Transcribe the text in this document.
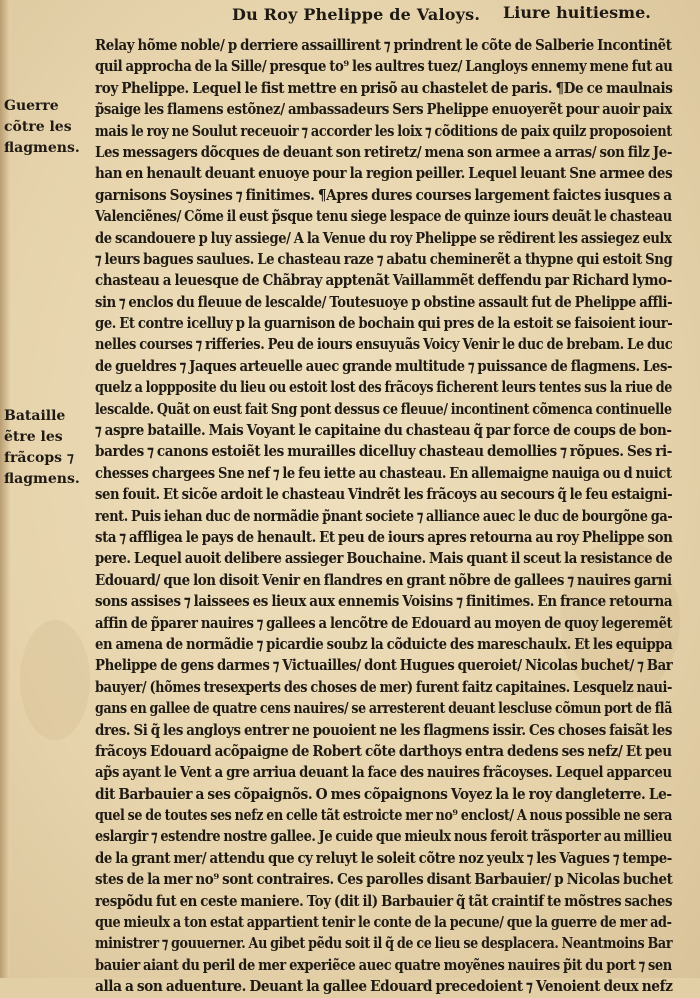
Du Roy Phelippe de Valoys. Liure huitiesme.
Guerre cõtre les flagmens.
Bataille ẽtre les frãcops ⁊ flagmens.
Relay hõme noble/ p derriere assaillirent ⁊ prindrent le cõte de Salberie Incontinẽt
quil approcha de la Sille/ presque to⁹ les aultres tuez/ Langloys ennemy mene fut au
roy Phelippe. Lequel le fist mettre en prisõ au chastelet de paris. ¶De ce maulnais
p̃saige les flamens estõnez/ ambassadeurs Sers Phelippe enuoyerẽt pour auoir paix
mais le roy ne Soulut receuoir ⁊ accorder les loix ⁊ cõditions de paix quilz proposoient
Les messagers dõcques de deuant son retiretz/ mena son armee a arras/ son filz Je-
han en henault deuant enuoye pour la region peiller. Lequel leuant Sne armee des
garnisons Soysines ⁊ finitimes. ¶Apres dures courses largement faictes iusques a
Valenciẽnes/ Cõme il eust p̃sque tenu siege lespace de quinze iours deuãt le chasteau
de scandouere p luy assiege/ A la Venue du roy Phelippe se rẽdirent les assiegez eulx
⁊ leurs bagues saulues. Le chasteau raze ⁊ abatu cheminerẽt a thypne qui estoit Sng
chasteau a leuesque de Chãbray apptenãt Vaillammẽt deffendu par Richard lymo-
sin ⁊ enclos du fleuue de lescalde/ Toutesuoye p obstine assault fut de Phelippe affli-
ge. Et contre icelluy p la guarnison de bochain qui pres de la estoit se faisoient iour-
nelles courses ⁊ rifferies. Peu de iours ensuyuãs Voicy Venir le duc de brebam. Le duc
de gueldres ⁊ Jaques arteuelle auec grande multitude ⁊ puissance de flagmens. Les-
quelz a loppposite du lieu ou estoit lost des frãcoys ficherent leurs tentes sus la riue de
lescalde. Quãt on eust fait Sng pont dessus ce fleuue/ incontinent cõmenca continuelle
⁊ aspre bataille. Mais Voyant le capitaine du chasteau q̃ par force de coups de bon-
bardes ⁊ canons estoiẽt les murailles dicelluy chasteau demollies ⁊ rõpues. Ses ri-
chesses chargees Sne nef ⁊ le feu iette au chasteau. En allemaigne nauiga ou d nuict
sen fouit. Et sicõe ardoit le chasteau Vindrẽt les frãcoys au secours q̃ le feu estaigni-
rent. Puis iehan duc de normãdie p̃nant societe ⁊ alliance auec le duc de bourgõne ga-
sta ⁊ affligea le pays de henault. Et peu de iours apres retourna au roy Phelippe son
pere. Lequel auoit delibere assieger Bouchaine. Mais quant il sceut la resistance de
Edouard/ que lon disoit Venir en flandres en grant nõbre de gallees ⁊ nauires garni
sons assises ⁊ laissees es lieux aux ennemis Voisins ⁊ finitimes. En france retourna
affin de p̃parer nauires ⁊ gallees a lencõtre de Edouard au moyen de quoy legeremẽt
en amena de normãdie ⁊ picardie soubz la cõduicte des mareschaulx. Et les equippa
Phelippe de gens darmes ⁊ Victuailles/ dont Hugues queroiet/ Nicolas buchet/ ⁊ Bar
bauyer/ (hõmes tresexperts des choses de mer) furent faitz capitaines. Lesquelz naui-
gans en gallee de quatre cens nauires/ se arresterent deuant lescluse cõmun port de flã
dres. Si q̃ les angloys entrer ne pouoient ne les flagmens issir. Ces choses faisãt les
frãcoys Edouard acõpaigne de Robert cõte darthoys entra dedens ses nefz/ Et peu
ap̃s ayant le Vent a gre arriua deuant la face des nauires frãcoyses. Lequel apparceu
dit Barbauier a ses cõpaignõs. O mes cõpaignons Voyez la le roy dangleterre. Le-
quel se de toutes ses nefz en celle tãt estroicte mer no⁹ enclost/ A nous possible ne sera
eslargir ⁊ estendre nostre gallee. Je cuide que mieulx nous feroit trãsporter au millieu
de la grant mer/ attendu que cy reluyt le soleit cõtre noz yeulx ⁊ les Vagues ⁊ tempe-
stes de la mer no⁹ sont contraires. Ces parolles disant Barbauier/ p Nicolas buchet
respõdu fut en ceste maniere. Toy (dit il) Barbauier q̃ tãt craintif te mõstres saches
que mieulx a ton estat appartient tenir le conte de la pecune/ que la guerre de mer ad-
ministrer ⁊ gouuerner. Au gibet pẽdu soit il q̃ de ce lieu se desplacera. Neantmoins Bar
bauier aiant du peril de mer experiẽce auec quatre moyẽnes nauires p̃it du port ⁊ sen
alla a son aduenture. Deuant la gallee Edouard precedoient ⁊ Venoient deux nefz
